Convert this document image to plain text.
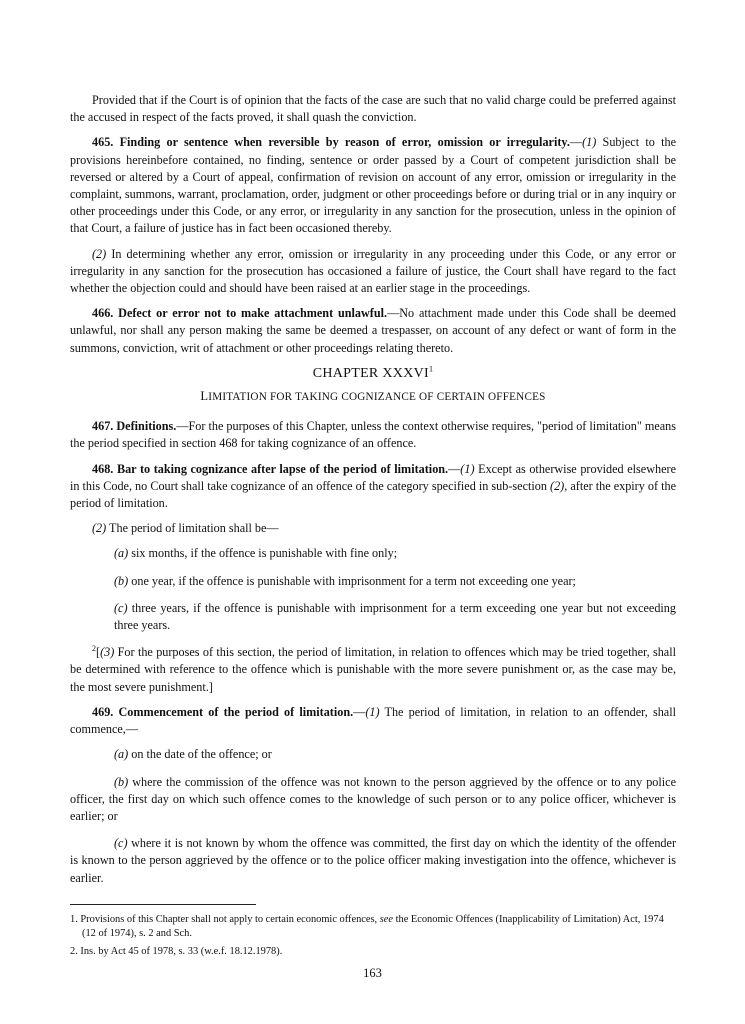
Provided that if the Court is of opinion that the facts of the case are such that no valid charge could be preferred against the accused in respect of the facts proved, it shall quash the conviction.

465. Finding or sentence when reversible by reason of error, omission or irregularity.—(1) Subject to the provisions hereinbefore contained, no finding, sentence or order passed by a Court of competent jurisdiction shall be reversed or altered by a Court of appeal, confirmation of revision on account of any error, omission or irregularity in the complaint, summons, warrant, proclamation, order, judgment or other proceedings before or during trial or in any inquiry or other proceedings under this Code, or any error, or irregularity in any sanction for the prosecution, unless in the opinion of that Court, a failure of justice has in fact been occasioned thereby.

(2) In determining whether any error, omission or irregularity in any proceeding under this Code, or any error or irregularity in any sanction for the prosecution has occasioned a failure of justice, the Court shall have regard to the fact whether the objection could and should have been raised at an earlier stage in the proceedings.

466. Defect or error not to make attachment unlawful.—No attachment made under this Code shall be deemed unlawful, nor shall any person making the same be deemed a trespasser, on account of any defect or want of form in the summons, conviction, writ of attachment or other proceedings relating thereto.

CHAPTER XXXVI$^1$
LIMITATION FOR TAKING COGNIZANCE OF CERTAIN OFFENCES

467. Definitions.—For the purposes of this Chapter, unless the context otherwise requires, "period of limitation" means the period specified in section 468 for taking cognizance of an offence.

468. Bar to taking cognizance after lapse of the period of limitation.—(1) Except as otherwise provided elsewhere in this Code, no Court shall take cognizance of an offence of the category specified in sub-section (2), after the expiry of the period of limitation.

(2) The period of limitation shall be—

(a) six months, if the offence is punishable with fine only;

(b) one year, if the offence is punishable with imprisonment for a term not exceeding one year;

(c) three years, if the offence is punishable with imprisonment for a term exceeding one year but not exceeding three years.

$^2$[(3) For the purposes of this section, the period of limitation, in relation to offences which may be tried together, shall be determined with reference to the offence which is punishable with the more severe punishment or, as the case may be, the most severe punishment.]

469. Commencement of the period of limitation.—(1) The period of limitation, in relation to an offender, shall commence,—

(a) on the date of the offence; or

(b) where the commission of the offence was not known to the person aggrieved by the offence or to any police officer, the first day on which such offence comes to the knowledge of such person or to any police officer, whichever is earlier; or

(c) where it is not known by whom the offence was committed, the first day on which the identity of the offender is known to the person aggrieved by the offence or to the police officer making investigation into the offence, whichever is earlier.

1. Provisions of this Chapter shall not apply to certain economic offences, see the Economic Offences (Inapplicability of Limitation) Act, 1974 (12 of 1974), s. 2 and Sch.

2. Ins. by Act 45 of 1978, s. 33 (w.e.f. 18.12.1978).

163
